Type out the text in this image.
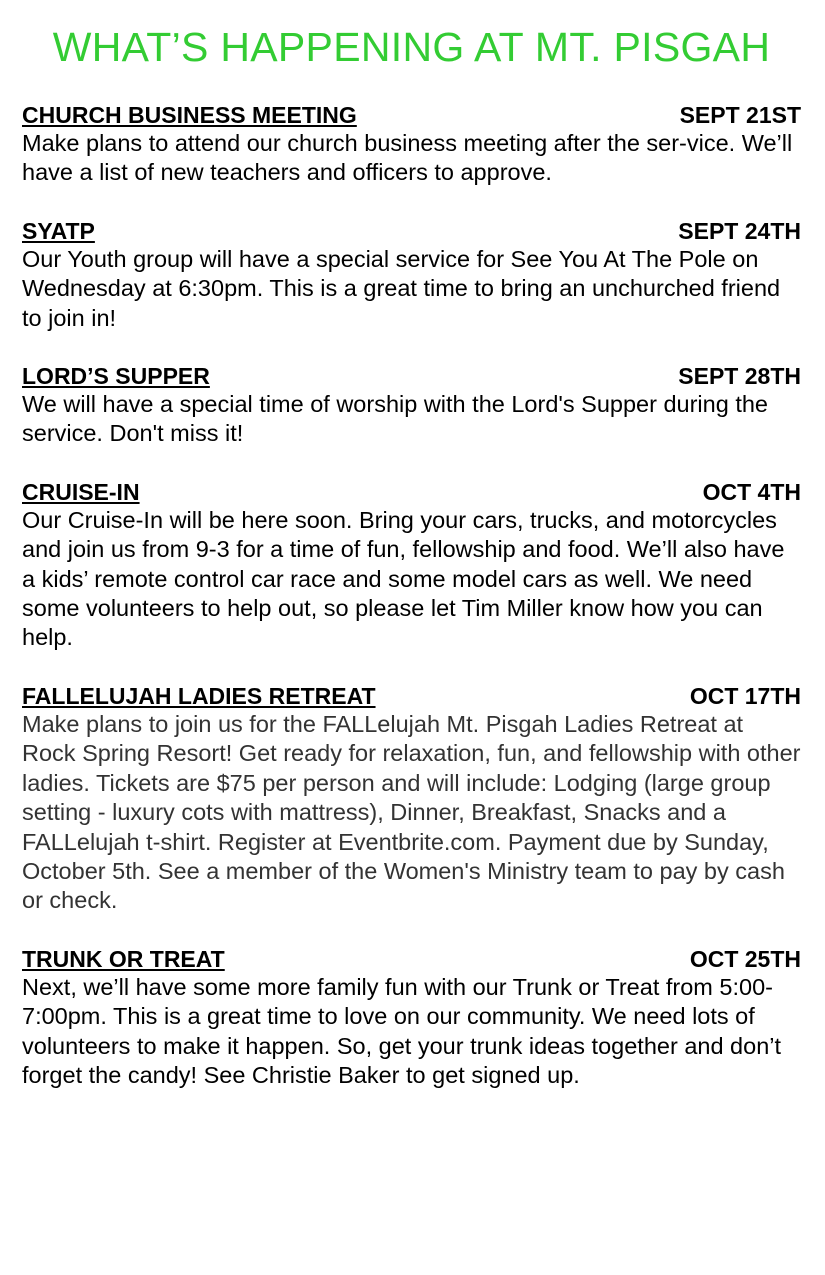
WHAT’S HAPPENING AT MT. PISGAH
CHURCH BUSINESS MEETING	SEPT 21ST

Make plans to attend our church business meeting after the ser-vice. We’ll have a list of new teachers and officers to approve.

SYATP	SEPT 24TH

Our Youth group will have a special service for See You At The Pole on Wednesday at 6:30pm. This is a great time to bring an unchurched friend to join in!

LORD’S SUPPER	SEPT 28TH

We will have a special time of worship with the Lord's Supper during the service. Don't miss it!

CRUISE-IN	OCT 4TH

Our Cruise-In will be here soon. Bring your cars, trucks, and motorcycles and join us from 9-3 for a time of fun, fellowship and food. We’ll also have a kids’ remote control car race and some model cars as well. We need some volunteers to help out, so please let Tim Miller know how you can help.

FALLELUJAH LADIES RETREAT	OCT 17TH

Make plans to join us for the FALLelujah Mt. Pisgah Ladies Retreat at Rock Spring Resort! Get ready for relaxation, fun, and fellowship with other ladies. Tickets are $75 per person and will include: Lodging (large group setting - luxury cots with mattress), Dinner, Breakfast, Snacks and a FALLelujah t-shirt. Register at Eventbrite.com. Payment due by Sunday, October 5th. See a member of the Women's Ministry team to pay by cash or check.

TRUNK OR TREAT	OCT 25TH

Next, we’ll have some more family fun with our Trunk or Treat from 5:00-7:00pm. This is a great time to love on our community. We need lots of volunteers to make it happen. So, get your trunk ideas together and don’t forget the candy! See Christie Baker to get signed up.
